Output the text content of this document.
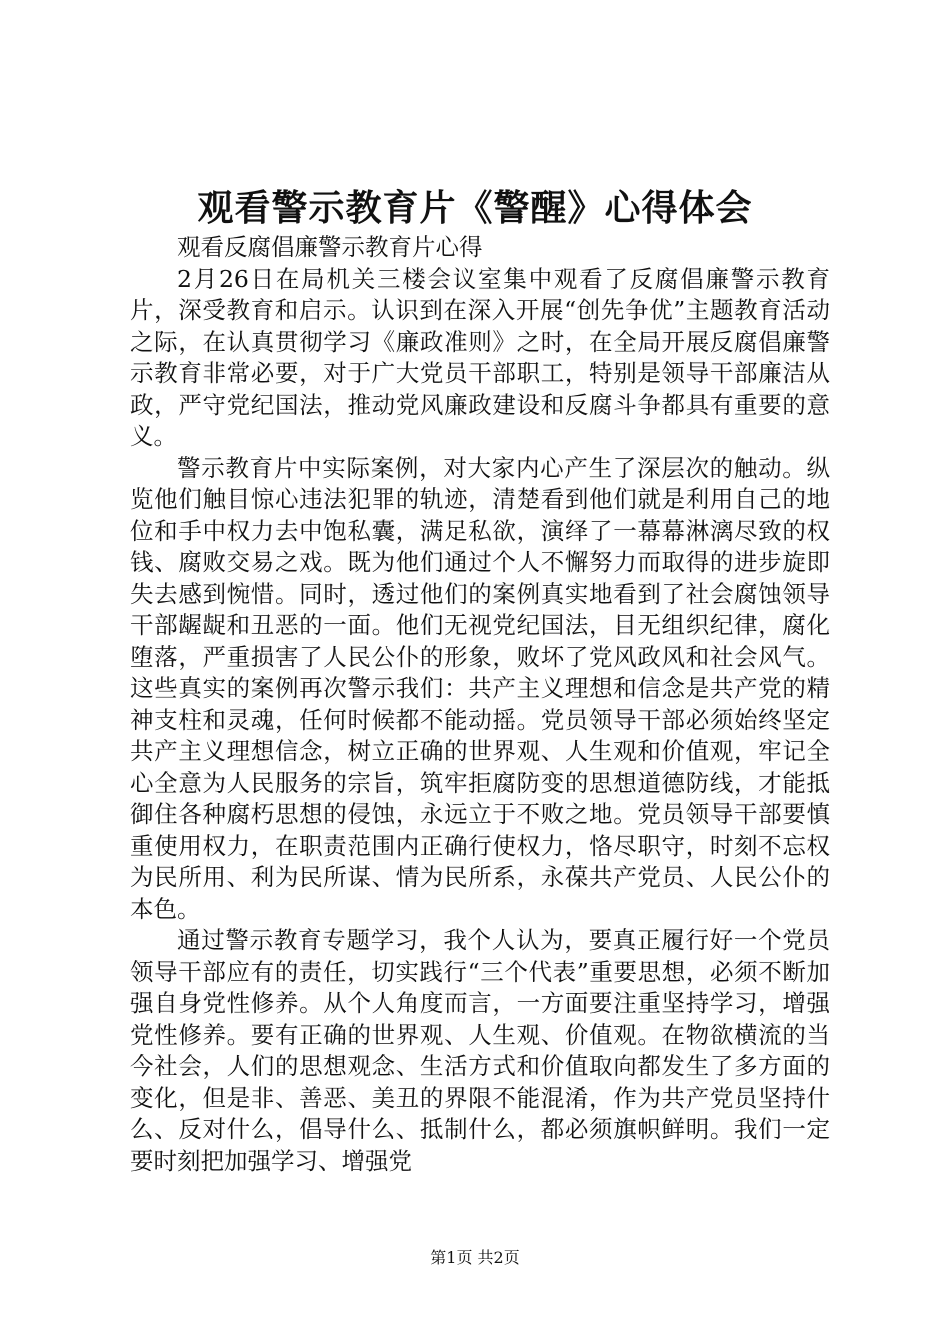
观看警示教育片《警醒》心得体会

观看反腐倡廉警示教育片心得

2月26日在局机关三楼会议室集中观看了反腐倡廉警示教育片，深受教育和启示。认识到在深入开展“创先争优”主题教育活动之际，在认真贯彻学习《廉政准则》之时，在全局开展反腐倡廉警示教育非常必要，对于广大党员干部职工，特别是领导干部廉洁从政，严守党纪国法，推动党风廉政建设和反腐斗争都具有重要的意义。

警示教育片中实际案例，对大家内心产生了深层次的触动。纵览他们触目惊心违法犯罪的轨迹，清楚看到他们就是利用自己的地位和手中权力去中饱私囊，满足私欲，演绎了一幕幕淋漓尽致的权钱、腐败交易之戏。既为他们通过个人不懈努力而取得的进步旋即失去感到惋惜。同时，透过他们的案例真实地看到了社会腐蚀领导干部龌龊和丑恶的一面。他们无视党纪国法，目无组织纪律，腐化堕落，严重损害了人民公仆的形象，败坏了党风政风和社会风气。这些真实的案例再次警示我们：共产主义理想和信念是共产党的精神支柱和灵魂，任何时候都不能动摇。党员领导干部必须始终坚定共产主义理想信念，树立正确的世界观、人生观和价值观，牢记全心全意为人民服务的宗旨，筑牢拒腐防变的思想道德防线，才能抵御住各种腐朽思想的侵蚀，永远立于不败之地。党员领导干部要慎重使用权力，在职责范围内正确行使权力，恪尽职守，时刻不忘权为民所用、利为民所谋、情为民所系，永葆共产党员、人民公仆的本色。

通过警示教育专题学习，我个人认为，要真正履行好一个党员领导干部应有的责任，切实践行“三个代表”重要思想，必须不断加强自身党性修养。从个人角度而言，一方面要注重坚持学习，增强党性修养。要有正确的世界观、人生观、价值观。在物欲横流的当今社会，人们的思想观念、生活方式和价值取向都发生了多方面的变化，但是非、善恶、美丑的界限不能混淆，作为共产党员坚持什么、反对什么，倡导什么、抵制什么，都必须旗帜鲜明。我们一定要时刻把加强学习、增强党

第1页 共2页
